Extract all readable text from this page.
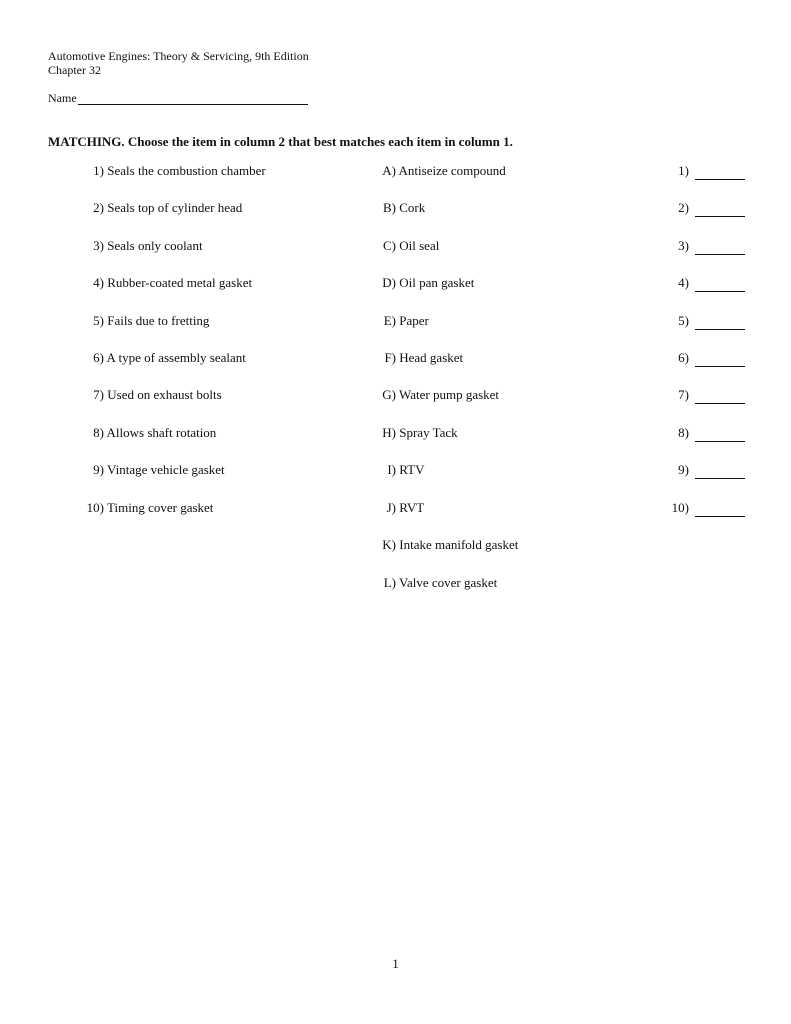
Automotive Engines: Theory & Servicing, 9th Edition
Chapter 32
Name
MATCHING. Choose the item in column 2 that best matches each item in column 1.
1) Seals the combustion chamber	A) Antiseize compound	1)
2) Seals top of cylinder head	B) Cork	2)
3) Seals only coolant	C) Oil seal	3)
4) Rubber-coated metal gasket	D) Oil pan gasket	4)
5) Fails due to fretting	E) Paper	5)
6) A type of assembly sealant	F) Head gasket	6)
7) Used on exhaust bolts	G) Water pump gasket	7)
8) Allows shaft rotation	H) Spray Tack	8)
9) Vintage vehicle gasket	I) RTV	9)
10) Timing cover gasket	J) RVT	10)
K) Intake manifold gasket
L) Valve cover gasket
1
